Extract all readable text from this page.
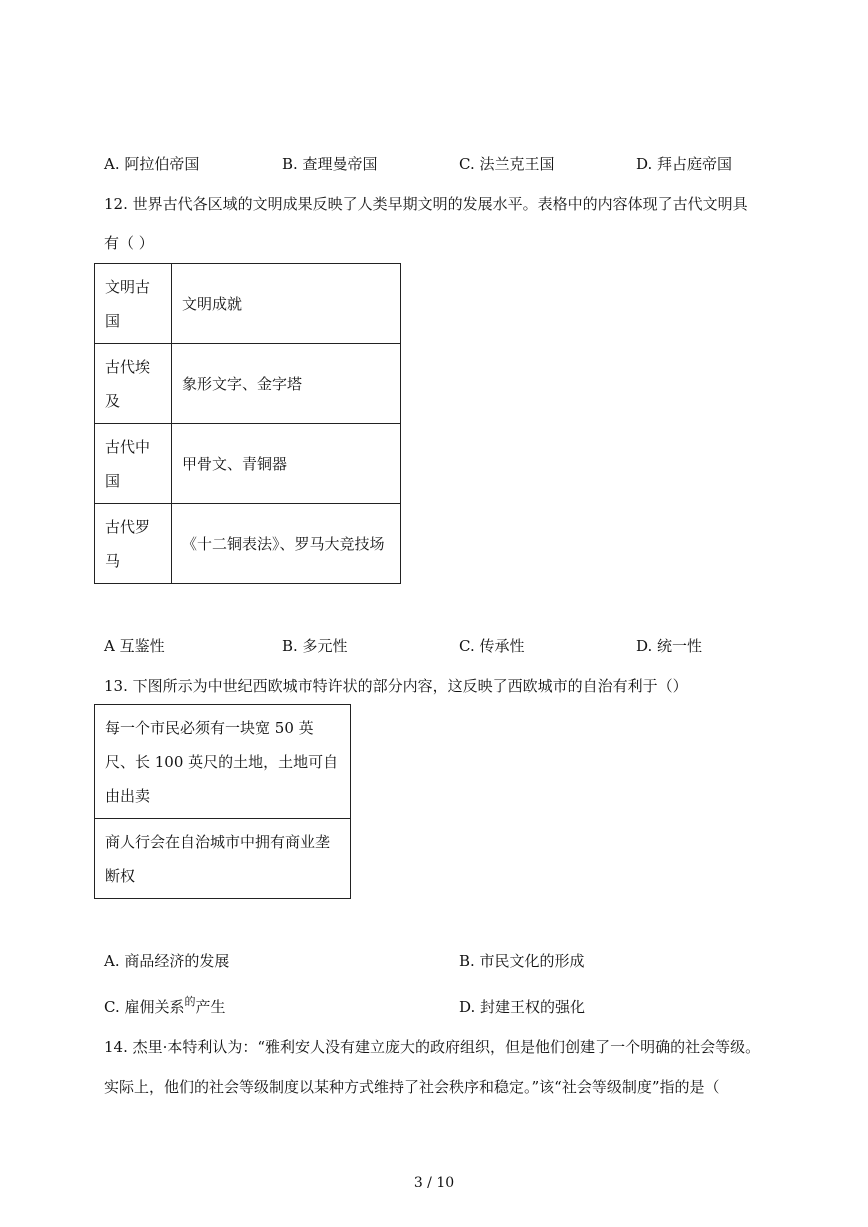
A. 阿拉伯帝国	B. 查理曼帝国	C. 法兰克王国	D. 拜占庭帝国
12. 世界古代各区域的文明成果反映了人类早期文明的发展水平。表格中的内容体现了古代文明具
有（ ）
文明古国	文明成就

古代埃及	象形文字、金字塔

古代中国	甲骨文、青铜器

古代罗马	《十二铜表法》、罗马大竞技场
A 互鉴性	B. 多元性	C. 传承性	D. 统一性
13. 下图所示为中世纪西欧城市特许状的部分内容，这反映了西欧城市的自治有利于（）
每一个市民必须有一块宽 50 英尺、长 100 英尺的土地，土地可自由出卖

商人行会在自治城市中拥有商业垄断权
A. 商品经济的发展	B. 市民文化的形成
C. 雇佣关系$^的$产生	D. 封建王权的强化
14. 杰里·本特利认为：“雅利安人没有建立庞大的政府组织，但是他们创建了一个明确的社会等级。
实际上，他们的社会等级制度以某种方式维持了社会秩序和稳定。”该“社会等级制度”指的是（
3 / 10
